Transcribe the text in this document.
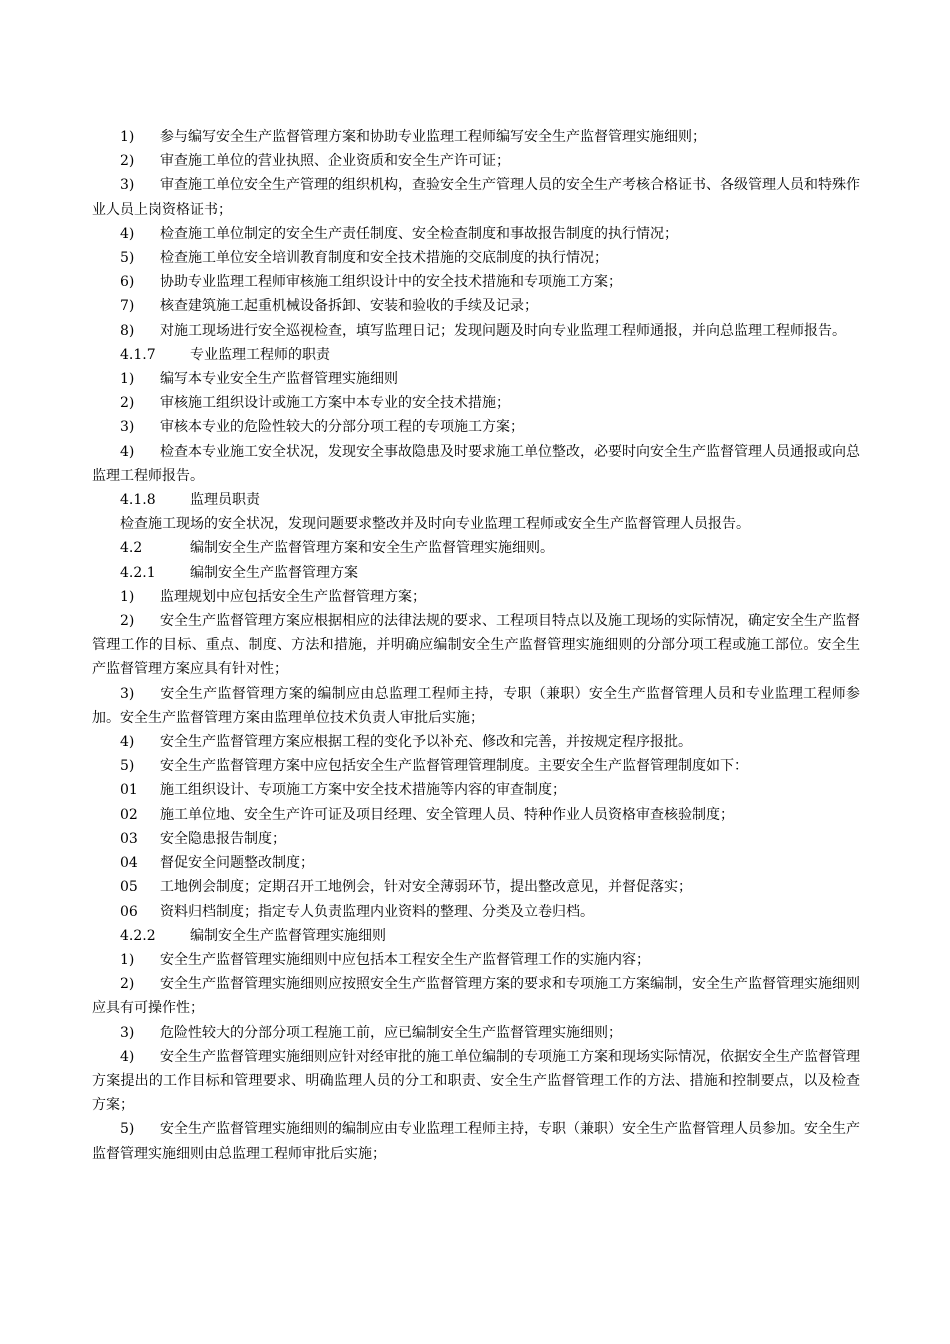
1) 参与编写安全生产监督管理方案和协助专业监理工程师编写安全生产监督管理实施细则；

2) 审查施工单位的营业执照、企业资质和安全生产许可证；

3) 审查施工单位安全生产管理的组织机构，查验安全生产管理人员的安全生产考核合格证书、各级管理人员和特殊作业人员上岗资格证书；

4) 检查施工单位制定的安全生产责任制度、安全检查制度和事故报告制度的执行情况；

5) 检查施工单位安全培训教育制度和安全技术措施的交底制度的执行情况；

6) 协助专业监理工程师审核施工组织设计中的安全技术措施和专项施工方案；

7) 核查建筑施工起重机械设备拆卸、安装和验收的手续及记录；

8) 对施工现场进行安全巡视检查，填写监理日记；发现问题及时向专业监理工程师通报，并向总监理工程师报告。

4.1.7 专业监理工程师的职责

1) 编写本专业安全生产监督管理实施细则

2) 审核施工组织设计或施工方案中本专业的安全技术措施；

3) 审核本专业的危险性较大的分部分项工程的专项施工方案；

4) 检查本专业施工安全状况，发现安全事故隐患及时要求施工单位整改，必要时向安全生产监督管理人员通报或向总监理工程师报告。

4.1.8 监理员职责

检查施工现场的安全状况，发现问题要求整改并及时向专业监理工程师或安全生产监督管理人员报告。

4.2	编制安全生产监督管理方案和安全生产监督管理实施细则。

4.2.1 编制安全生产监督管理方案

1) 监理规划中应包括安全生产监督管理方案；

2) 安全生产监督管理方案应根据相应的法律法规的要求、工程项目特点以及施工现场的实际情况，确定安全生产监督管理工作的目标、重点、制度、方法和措施，并明确应编制安全生产监督管理实施细则的分部分项工程或施工部位。安全生产监督管理方案应具有针对性；

3) 安全生产监督管理方案的编制应由总监理工程师主持，专职（兼职）安全生产监督管理人员和专业监理工程师参加。安全生产监督管理方案由监理单位技术负责人审批后实施；

4) 安全生产监督管理方案应根据工程的变化予以补充、修改和完善，并按规定程序报批。

5) 安全生产监督管理方案中应包括安全生产监督管理管理制度。主要安全生产监督管理制度如下：

01 施工组织设计、专项施工方案中安全技术措施等内容的审查制度；

02 施工单位地、安全生产许可证及项目经理、安全管理人员、特种作业人员资格审查核验制度；

03 安全隐患报告制度；

04 督促安全问题整改制度；

05 工地例会制度；定期召开工地例会，针对安全薄弱环节，提出整改意见，并督促落实；

06 资料归档制度；指定专人负责监理内业资料的整理、分类及立卷归档。

4.2.2 编制安全生产监督管理实施细则

1) 安全生产监督管理实施细则中应包括本工程安全生产监督管理工作的实施内容；

2) 安全生产监督管理实施细则应按照安全生产监督管理方案的要求和专项施工方案编制，安全生产监督管理实施细则应具有可操作性；

3) 危险性较大的分部分项工程施工前，应已编制安全生产监督管理实施细则；

4) 安全生产监督管理实施细则应针对经审批的施工单位编制的专项施工方案和现场实际情况，依据安全生产监督管理方案提出的工作目标和管理要求、明确监理人员的分工和职责、安全生产监督管理工作的方法、措施和控制要点，以及检查方案；

5) 安全生产监督管理实施细则的编制应由专业监理工程师主持，专职（兼职）安全生产监督管理人员参加。安全生产监督管理实施细则由总监理工程师审批后实施；
